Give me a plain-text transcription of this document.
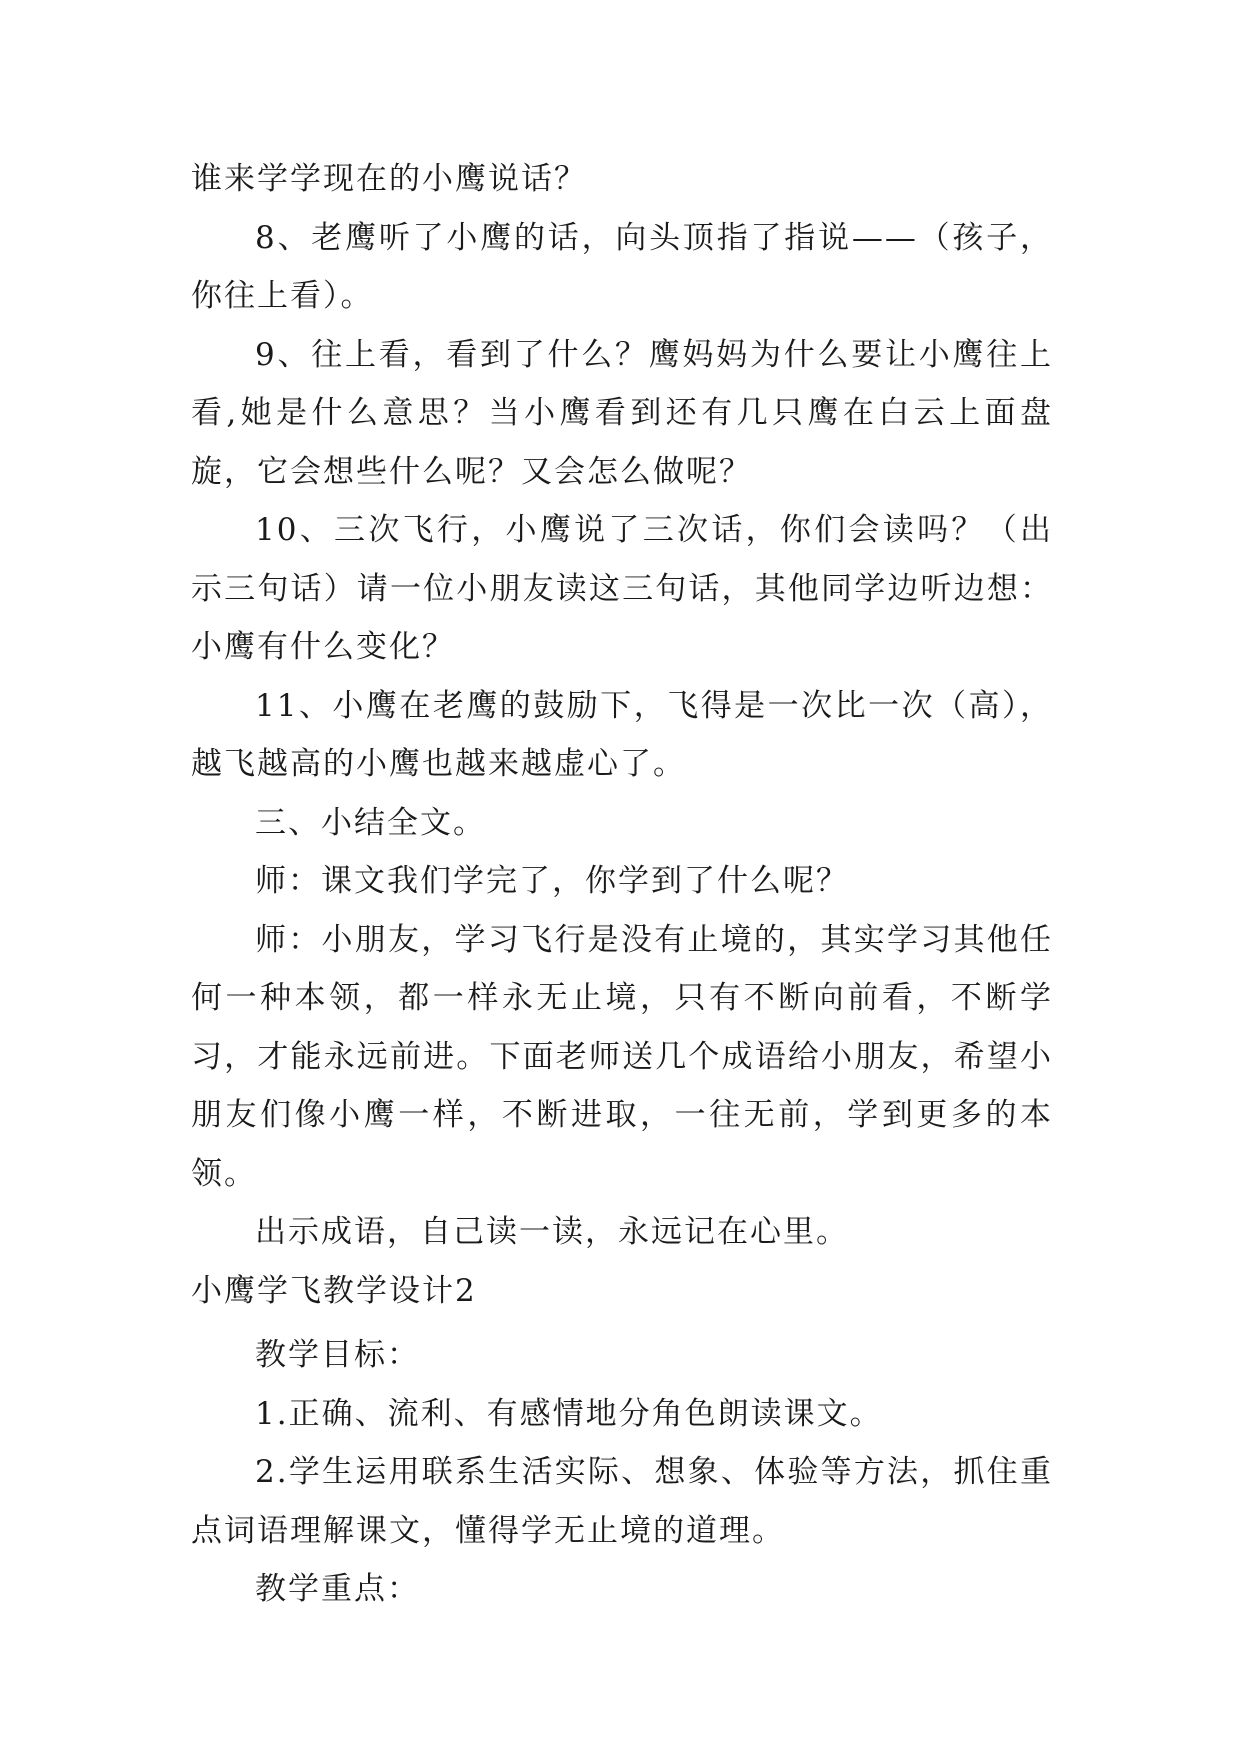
谁来学学现在的小鹰说话？

8、老鹰听了小鹰的话，向头顶指了指说——（孩子，你往上看）。

9、往上看，看到了什么？鹰妈妈为什么要让小鹰往上看,她是什么意思？当小鹰看到还有几只鹰在白云上面盘旋，它会想些什么呢？又会怎么做呢？

10、三次飞行，小鹰说了三次话，你们会读吗？（出示三句话）请一位小朋友读这三句话，其他同学边听边想：小鹰有什么变化？

11、小鹰在老鹰的鼓励下，飞得是一次比一次（高），越飞越高的小鹰也越来越虚心了。

三、小结全文。

师：课文我们学完了，你学到了什么呢？

师：小朋友，学习飞行是没有止境的，其实学习其他任何一种本领，都一样永无止境，只有不断向前看，不断学习，才能永远前进。下面老师送几个成语给小朋友，希望小朋友们像小鹰一样，不断进取，一往无前，学到更多的本领。

出示成语，自己读一读，永远记在心里。

小鹰学飞教学设计2

教学目标：

1.正确、流利、有感情地分角色朗读课文。

2.学生运用联系生活实际、想象、体验等方法，抓住重点词语理解课文，懂得学无止境的道理。

教学重点：
